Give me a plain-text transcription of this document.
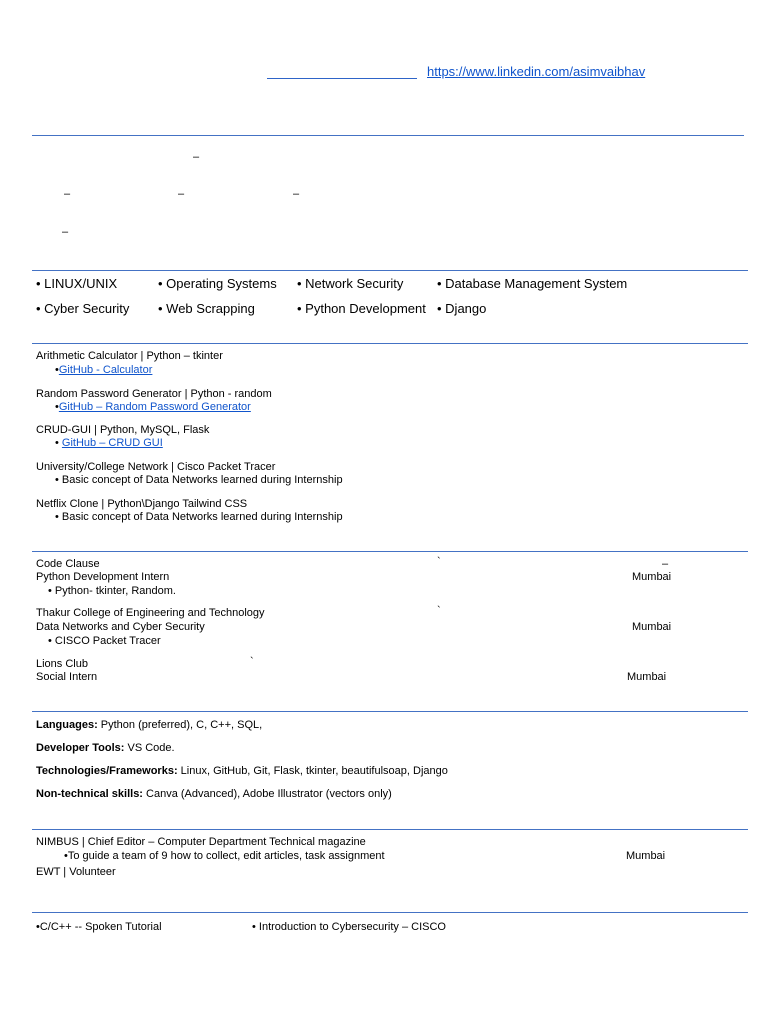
https://www.linkedin.com/asimvaibhav
–
–	–	–
–
• LINUX/UNIX	• Operating Systems • Network Security	• Database Management System
• Cyber Security • Web Scrapping	• Python Development • Django
Arithmetic Calculator | Python – tkinter
•GitHub - Calculator
Random Password Generator | Python - random
•GitHub – Random Password Generator
CRUD-GUI | Python, MySQL, Flask
• GitHub – CRUD GUI
University/College Network | Cisco Packet Tracer
• Basic concept of Data Networks learned during Internship
Netflix Clone | Python\Django Tailwind CSS
• Basic concept of Data Networks learned during Internship
Code Clause	`	–
Python Development Intern	Mumbai
• Python- tkinter, Random.
Thakur College of Engineering and Technology	`
Data Networks and Cyber Security	Mumbai
• CISCO Packet Tracer
Lions Club	`
Social Intern	Mumbai
Languages: Python (preferred), C, C++, SQL,
Developer Tools: VS Code.
Technologies/Frameworks: Linux, GitHub, Git, Flask, tkinter, beautifulsoap, Django
Non-technical skills: Canva (Advanced), Adobe Illustrator (vectors only)
NIMBUS | Chief Editor – Computer Department Technical magazine
•To guide a team of 9 how to collect, edit articles, task assignment	Mumbai
EWT | Volunteer
•C/C++ -- Spoken Tutorial	• Introduction to Cybersecurity – CISCO
